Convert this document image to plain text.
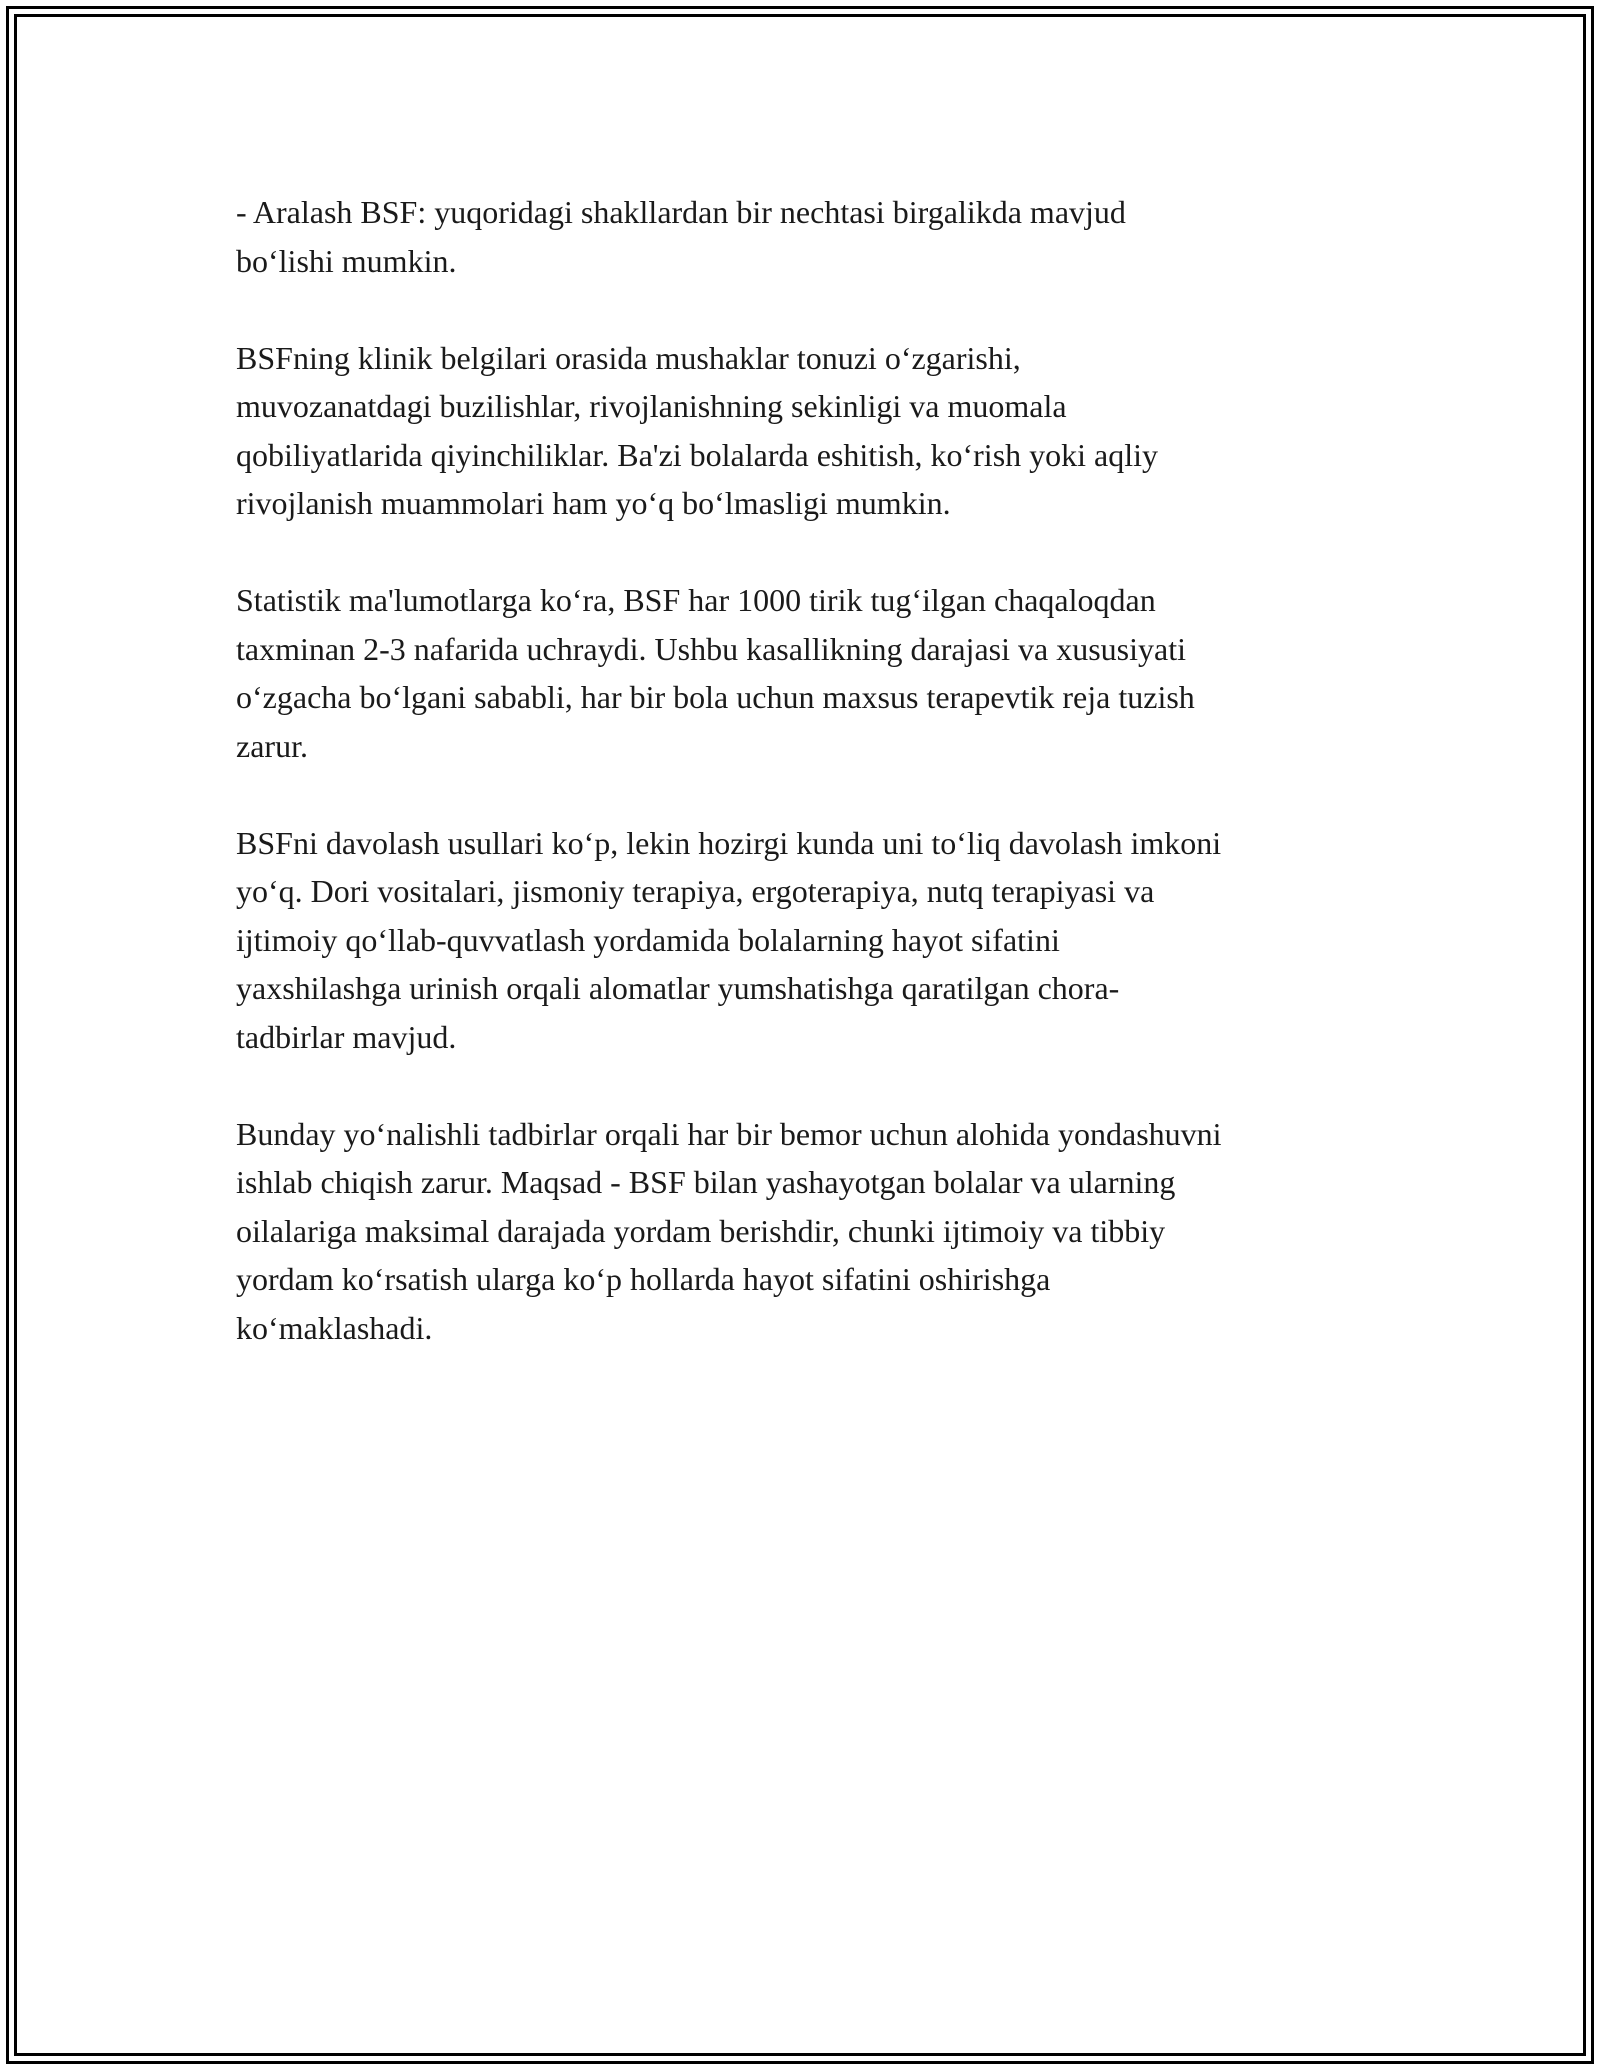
- Aralash BSF: yuqoridagi shakllardan bir nechtasi birgalikda mavjud
bo‘lishi mumkin.

BSFning klinik belgilari orasida mushaklar tonuzi o‘zgarishi,
muvozanatdagi buzilishlar, rivojlanishning sekinligi va muomala
qobiliyatlarida qiyinchiliklar. Ba'zi bolalarda eshitish, ko‘rish yoki aqliy
rivojlanish muammolari ham yo‘q bo‘lmasligi mumkin.

Statistik ma'lumotlarga ko‘ra, BSF har 1000 tirik tug‘ilgan chaqaloqdan
taxminan 2-3 nafarida uchraydi. Ushbu kasallikning darajasi va xususiyati
o‘zgacha bo‘lgani sababli, har bir bola uchun maxsus terapevtik reja tuzish
zarur.

BSFni davolash usullari ko‘p, lekin hozirgi kunda uni to‘liq davolash imkoni
yo‘q. Dori vositalari, jismoniy terapiya, ergoterapiya, nutq terapiyasi va
ijtimoiy qo‘llab-quvvatlash yordamida bolalarning hayot sifatini
yaxshilashga urinish orqali alomatlar yumshatishga qaratilgan chora-
tadbirlar mavjud.

Bunday yo‘nalishli tadbirlar orqali har bir bemor uchun alohida yondashuvni
ishlab chiqish zarur. Maqsad - BSF bilan yashayotgan bolalar va ularning
oilalariga maksimal darajada yordam berishdir, chunki ijtimoiy va tibbiy
yordam ko‘rsatish ularga ko‘p hollarda hayot sifatini oshirishga
ko‘maklashadi.
